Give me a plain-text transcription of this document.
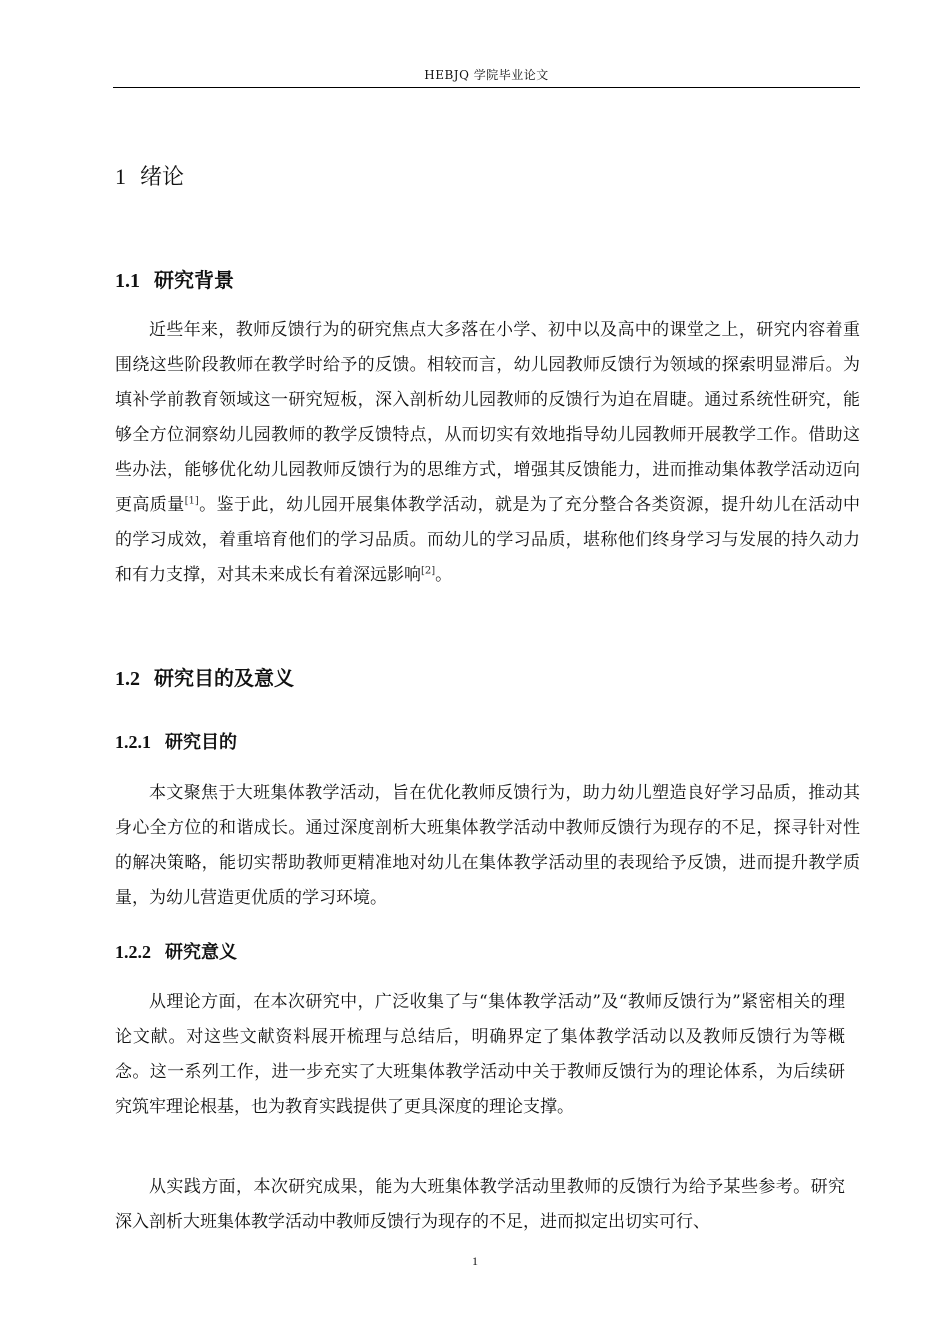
HEBJQ 学院毕业论文
1 绪论
1.1 研究背景

近些年来，教师反馈行为的研究焦点大多落在小学、初中以及高中的课堂之上，研究内容着重围绕这些阶段教师在教学时给予的反馈。相较而言，幼儿园教师反馈行为领域的探索明显滞后。为填补学前教育领域这一研究短板，深入剖析幼儿园教师的反馈行为迫在眉睫。通过系统性研究，能够全方位洞察幼儿园教师的教学反馈特点，从而切实有效地指导幼儿园教师开展教学工作。借助这些办法，能够优化幼儿园教师反馈行为的思维方式，增强其反馈能力，进而推动集体教学活动迈向更高质量[1]。鉴于此，幼儿园开展集体教学活动，就是为了充分整合各类资源，提升幼儿在活动中的学习成效，着重培育他们的学习品质。而幼儿的学习品质，堪称他们终身学习与发展的持久动力和有力支撑，对其未来成长有着深远影响[2]。

1.2 研究目的及意义
1.2.1 研究目的

本文聚焦于大班集体教学活动，旨在优化教师反馈行为，助力幼儿塑造良好学习品质，推动其身心全方位的和谐成长。通过深度剖析大班集体教学活动中教师反馈行为现存的不足，探寻针对性的解决策略，能切实帮助教师更精准地对幼儿在集体教学活动里的表现给予反馈，进而提升教学质量，为幼儿营造更优质的学习环境。

1.2.2 研究意义

从理论方面，在本次研究中，广泛收集了与“集体教学活动”及“教师反馈行为”紧密相关的理论文献。对这些文献资料展开梳理与总结后，明确界定了集体教学活动以及教师反馈行为等概念。这一系列工作，进一步充实了大班集体教学活动中关于教师反馈行为的理论体系，为后续研究筑牢理论根基，也为教育实践提供了更具深度的理论支撑。

从实践方面，本次研究成果，能为大班集体教学活动里教师的反馈行为给予某些参考。研究深入剖析大班集体教学活动中教师反馈行为现存的不足，进而拟定出切实可行、

1
